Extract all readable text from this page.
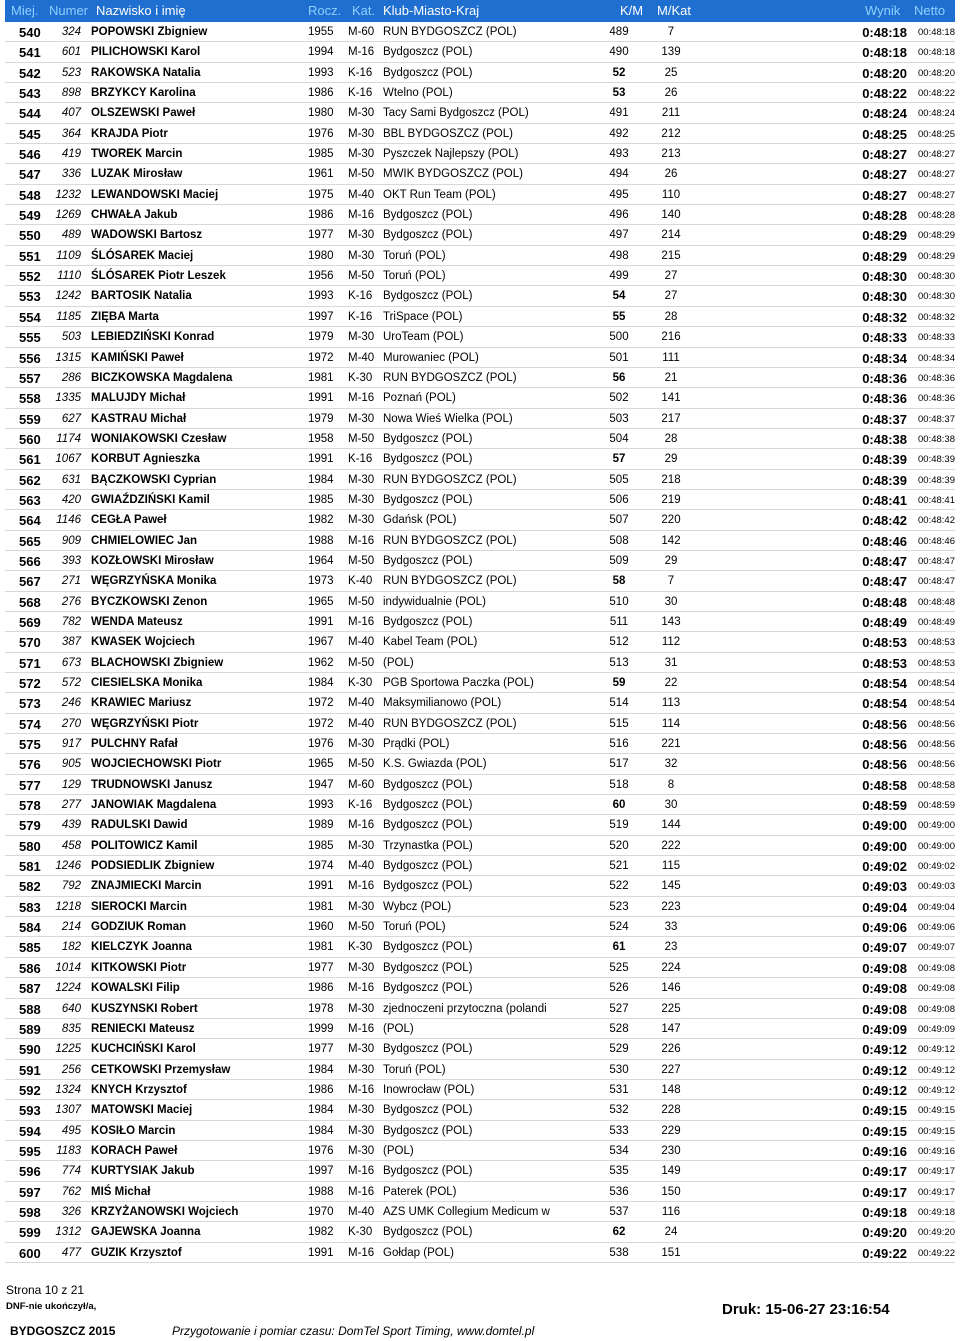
Miej. Numer Nazwisko i imię	Rocz. Kat. Klub-Miasto-Kraj	K/M M/Kat	Wynik Netto
540	324 POPOWSKI Zbigniew	1955 M-60 RUN BYDGOSZCZ (POL)	489	7	0:48:18	00:48:18
541	601 PILICHOWSKI Karol	1994 M-16 Bydgoszcz (POL)	490	139	0:48:18	00:48:18
542	523 RAKOWSKA Natalia	1993 K-16 Bydgoszcz (POL)	52	25	0:48:20	00:48:20
543	898 BRZYKCY Karolina	1986 K-16 Wtelno (POL)	53	26	0:48:22	00:48:22
544	407 OLSZEWSKI Paweł	1980 M-30 Tacy Sami Bydgoszcz (POL)	491	211	0:48:24	00:48:24
545	364 KRAJDA Piotr	1976 M-30 BBL BYDGOSZCZ (POL)	492	212	0:48:25	00:48:25
546	419 TWOREK Marcin	1985 M-30 Pyszczek Najlepszy (POL)	493	213	0:48:27	00:48:27
547	336 LUZAK Mirosław	1961 M-50 MWIK BYDGOSZCZ (POL)	494	26	0:48:27	00:48:27
548 1232 LEWANDOWSKI Maciej	1975 M-40 OKT Run Team (POL)	495	110	0:48:27	00:48:27
549 1269 CHWAŁA Jakub	1986 M-16 Bydgoszcz (POL)	496	140	0:48:28	00:48:28
550	489 WADOWSKI Bartosz	1977 M-30 Bydgoszcz (POL)	497	214	0:48:29	00:48:29
551 1109 ŚLÓSAREK Maciej	1980 M-30 Toruń (POL)	498	215	0:48:29	00:48:29
552	1110 ŚLÓSAREK Piotr Leszek	1956 M-50 Toruń (POL)	499	27	0:48:30	00:48:30
553 1242 BARTOSIK Natalia	1993 K-16 Bydgoszcz (POL)	54	27	0:48:30	00:48:30
554 1185 ZIĘBA Marta	1997 K-16 TriSpace (POL)	55	28	0:48:32	00:48:32
555	503 LEBIEDZIŃSKI Konrad	1979 M-30 UroTeam (POL)	500	216	0:48:33	00:48:33
556 1315 KAMIŃSKI Paweł	1972 M-40 Murowaniec (POL)	501	111	0:48:34	00:48:34
557	286 BICZKOWSKA Magdalena	1981 K-30 RUN BYDGOSZCZ (POL)	56	21	0:48:36	00:48:36
558 1335 MALUJDY Michał	1991 M-16 Poznań (POL)	502	141	0:48:36	00:48:36
559	627 KASTRAU Michał	1979 M-30 Nowa Wieś Wielka (POL)	503	217	0:48:37	00:48:37
560 1174 WONIAKOWSKI Czesław	1958 M-50 Bydgoszcz (POL)	504	28	0:48:38	00:48:38
561 1067 KORBUT Agnieszka	1991 K-16 Bydgoszcz (POL)	57	29	0:48:39	00:48:39
562	631 BĄCZKOWSKI Cyprian	1984 M-30 RUN BYDGOSZCZ (POL)	505	218	0:48:39	00:48:39
563	420 GWIAŹDZIŃSKI Kamil	1985 M-30 Bydgoszcz (POL)	506	219	0:48:41	00:48:41
564 1146 CEGŁA Paweł	1982 M-30 Gdańsk (POL)	507	220	0:48:42	00:48:42
565	909 CHMIELOWIEC Jan	1988 M-16 RUN BYDGOSZCZ (POL)	508	142	0:48:46	00:48:46
566	393 KOZŁOWSKI Mirosław	1964 M-50 Bydgoszcz (POL)	509	29	0:48:47	00:48:47
567	271 WĘGRZYŃSKA Monika	1973 K-40 RUN BYDGOSZCZ (POL)	58	7	0:48:47	00:48:47
568	276 BYCZKOWSKI Zenon	1965 M-50 indywidualnie (POL)	510	30	0:48:48	00:48:48
569	782 WENDA Mateusz	1991 M-16 Bydgoszcz (POL)	511	143	0:48:49	00:48:49
570	387 KWASEK Wojciech	1967 M-40 Kabel Team (POL)	512	112	0:48:53	00:48:53
571	673 BLACHOWSKI Zbigniew	1962 M-50 (POL)	513	31	0:48:53	00:48:53
572	572 CIESIELSKA Monika	1984 K-30 PGB Sportowa Paczka (POL)	59	22	0:48:54	00:48:54
573	246 KRAWIEC Mariusz	1972 M-40 Maksymilianowo (POL)	514	113	0:48:54	00:48:54
574	270 WĘGRZYŃSKI Piotr	1972 M-40 RUN BYDGOSZCZ (POL)	515	114	0:48:56	00:48:56
575	917 PULCHNY Rafał	1976 M-30 Prądki (POL)	516	221	0:48:56	00:48:56
576	905 WOJCIECHOWSKI Piotr	1965 M-50 K.S. Gwiazda (POL)	517	32	0:48:56	00:48:56
577	129 TRUDNOWSKI Janusz	1947 M-60 Bydgoszcz (POL)	518	8	0:48:58	00:48:58
578	277 JANOWIAK Magdalena	1993 K-16 Bydgoszcz (POL)	60	30	0:48:59	00:48:59
579	439 RADULSKI Dawid	1989 M-16 Bydgoszcz (POL)	519	144	0:49:00	00:49:00
580	458 POLITOWICZ Kamil	1985 M-30 Trzynastka (POL)	520	222	0:49:00	00:49:00
581 1246 PODSIEDLIK Zbigniew	1974 M-40 Bydgoszcz (POL)	521	115	0:49:02	00:49:02
582	792 ZNAJMIECKI Marcin	1991 M-16 Bydgoszcz (POL)	522	145	0:49:03	00:49:03
583 1218 SIEROCKI Marcin	1981 M-30 Wybcz (POL)	523	223	0:49:04	00:49:04
584	214 GODZIUK Roman	1960 M-50 Toruń (POL)	524	33	0:49:06	00:49:06
585	182 KIELCZYK Joanna	1981 K-30 Bydgoszcz (POL)	61	23	0:49:07	00:49:07
586 1014 KITKOWSKI Piotr	1977 M-30 Bydgoszcz (POL)	525	224	0:49:08	00:49:08
587 1224 KOWALSKI Filip	1986 M-16 Bydgoszcz (POL)	526	146	0:49:08	00:49:08
588	640 KUSZYNSKI Robert	1978 M-30 zjednoczeni przytoczna (polandi	527	225	0:49:08	00:49:08
589	835 RENIECKI Mateusz	1999 M-16 (POL)	528	147	0:49:09	00:49:09
590 1225 KUCHCIŃSKI Karol	1977 M-30 Bydgoszcz (POL)	529	226	0:49:12	00:49:12
591	256 CETKOWSKI Przemysław	1984 M-30 Toruń (POL)	530	227	0:49:12	00:49:12
592 1324 KNYCH Krzysztof	1986 M-16 Inowrocław (POL)	531	148	0:49:12	00:49:12
593 1307 MATOWSKI Maciej	1984 M-30 Bydgoszcz (POL)	532	228	0:49:15	00:49:15
594	495 KOSIŁO Marcin	1984 M-30 Bydgoszcz (POL)	533	229	0:49:15	00:49:15
595 1183 KORACH Paweł	1976 M-30 (POL)	534	230	0:49:16	00:49:16
596	774 KURTYSIAK Jakub	1997 M-16 Bydgoszcz (POL)	535	149	0:49:17	00:49:17
597	762 MIŚ Michał	1988 M-16 Paterek (POL)	536	150	0:49:17	00:49:17
598	326 KRZYŻANOWSKI Wojciech	1970 M-40 AZS UMK Collegium Medicum w	537	116	0:49:18	00:49:18
599 1312 GAJEWSKA Joanna	1982 K-30 Bydgoszcz (POL)	62	24	0:49:20	00:49:20
600	477 GUZIK Krzysztof	1991 M-16 Gołdap (POL)	538	151	0:49:22	00:49:22
Strona 10 z 21
DNF-nie ukończył/a,
BYDGOSZCZ 2015	Przygotowanie i pomiar czasu: DomTel Sport Timing, www.domtel.pl
Druk: 15-06-27 23:16:54
